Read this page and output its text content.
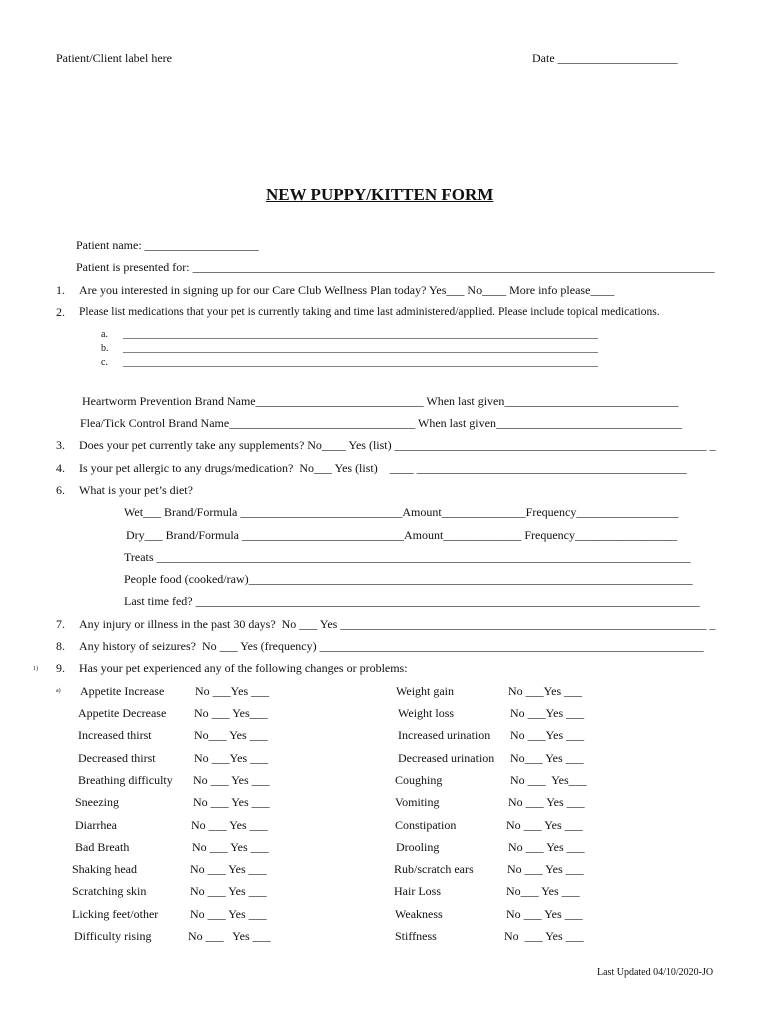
Patient/Client label here	Date ____________________
NEW PUPPY/KITTEN FORM
Patient name: ___________________
Patient is presented for: _______________________________________________________________________________________
1. Are you interested in signing up for our Care Club Wellness Plan today? Yes___ No____ More info please____
2. Please list medications that your pet is currently taking and time last administered/applied. Please include topical medications.
a. _______________________________________________________________________________________________
b. _______________________________________________________________________________________________
c. _______________________________________________________________________________________________
Heartworm Prevention Brand Name____________________________ When last given_____________________________
Flea/Tick Control Brand Name_______________________________ When last given_______________________________
3. Does your pet currently take any supplements? No____ Yes (list) ____________________________________________________ _
4. Is your pet allergic to any drugs/medication?  No___ Yes (list)    ____ _____________________________________________
6. What is your pet’s diet?
Wet___ Brand/Formula ___________________________Amount______________Frequency_________________
Dry___ Brand/Formula ___________________________Amount_____________ Frequency_________________
Treats _________________________________________________________________________________________
People food (cooked/raw)__________________________________________________________________________
Last time fed? ____________________________________________________________________________________
7. Any injury or illness in the past 30 days?  No ___ Yes _____________________________________________________________ _
8. Any history of seizures?  No ___ Yes (frequency) ________________________________________________________________
1) 9. Has your pet experienced any of the following changes or problems:
a) Appetite Increase	No ___Yes ___	Weight gain	No ___Yes ___
Appetite Decrease No ___ Yes___	Weight loss	No ___Yes ___
Increased thirst	No___ Yes ___	Increased urination No ___Yes ___
Decreased thirst	No ___Yes ___	Decreased urination No___ Yes ___
Breathing difficulty No ___ Yes ___	Coughing	No ___  Yes___
Sneezing	No ___ Yes ___	Vomiting	No ___ Yes ___
Diarrhea	No ___ Yes ___	Constipation	No ___ Yes ___
Bad Breath	No ___ Yes ___	Drooling	No ___ Yes ___
Shaking head	No ___ Yes ___	Rub/scratch ears	No ___ Yes ___
Scratching skin	No ___ Yes ___	Hair Loss	No___ Yes ___
Licking feet/other	No ___ Yes ___	Weakness	No ___ Yes ___
Difficulty rising	No ___   Yes ___	Stiffness	No  ___ Yes ___
Last Updated 04/10/2020-JO
